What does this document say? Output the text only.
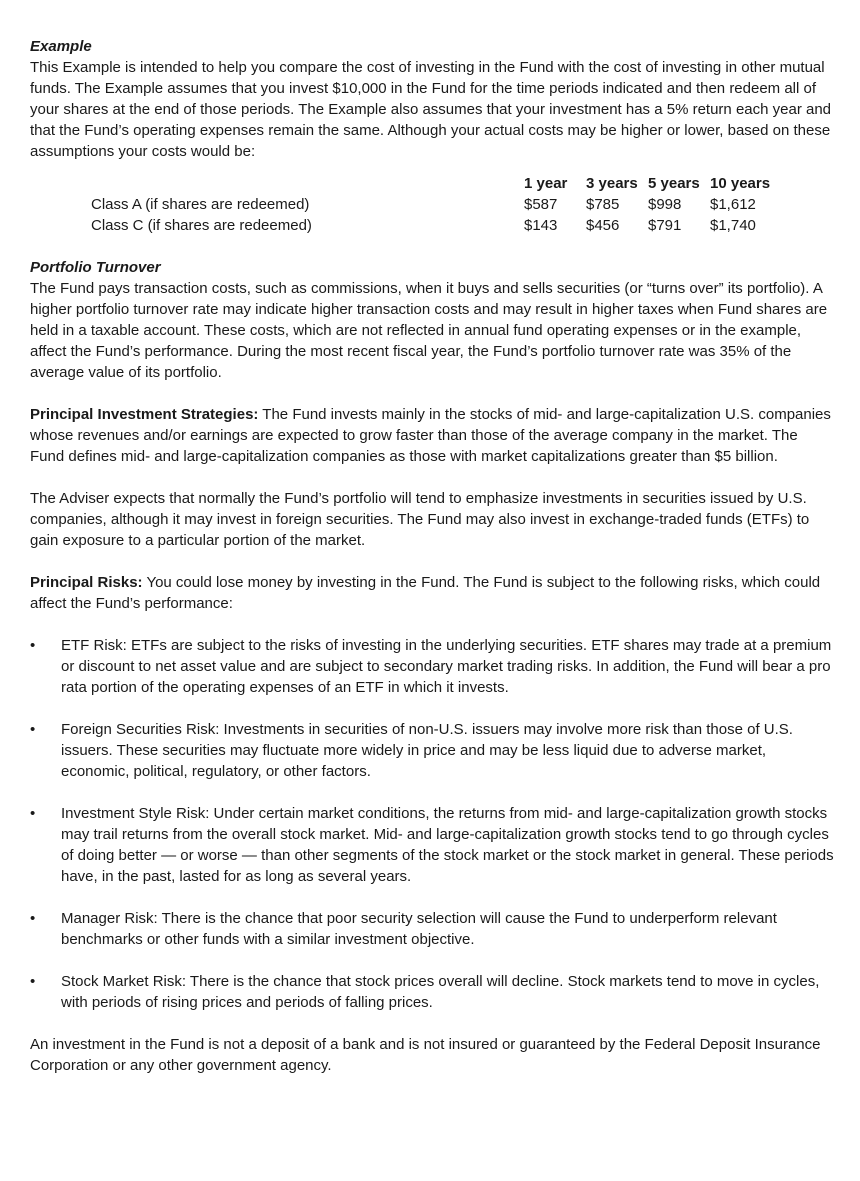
Example

This Example is intended to help you compare the cost of investing in the Fund with the cost of investing in other mutual funds. The Example assumes that you invest $10,000 in the Fund for the time periods indicated and then redeem all of your shares at the end of those periods. The Example also assumes that your investment has a 5% return each year and that the Fund’s operating expenses remain the same. Although your actual costs may be higher or lower, based on these assumptions your costs would be:

1 year 3 years 5 years 10 years
Class A (if shares are redeemed)	$587 $785 $998 $1,612
Class C (if shares are redeemed)	$143 $456 $791 $1,740

Portfolio Turnover

The Fund pays transaction costs, such as commissions, when it buys and sells securities (or “turns over” its portfolio). A higher portfolio turnover rate may indicate higher transaction costs and may result in higher taxes when Fund shares are held in a taxable account. These costs, which are not reflected in annual fund operating expenses or in the example, affect the Fund’s performance. During the most recent fiscal year, the Fund’s portfolio turnover rate was 35% of the average value of its portfolio.

Principal Investment Strategies: The Fund invests mainly in the stocks of mid- and large-capitalization U.S. companies whose revenues and/or earnings are expected to grow faster than those of the average company in the market. The Fund defines mid- and large-capitalization companies as those with market capitalizations greater than $5 billion.

The Adviser expects that normally the Fund’s portfolio will tend to emphasize investments in securities issued by U.S. companies, although it may invest in foreign securities. The Fund may also invest in exchange-traded funds (ETFs) to gain exposure to a particular portion of the market.

Principal Risks: You could lose money by investing in the Fund. The Fund is subject to the following risks, which could affect the Fund’s performance:

• ETF Risk: ETFs are subject to the risks of investing in the underlying securities. ETF shares may trade at a premium or discount to net asset value and are subject to secondary market trading risks. In addition, the Fund will bear a pro rata portion of the operating expenses of an ETF in which it invests.
• Foreign Securities Risk: Investments in securities of non-U.S. issuers may involve more risk than those of U.S. issuers. These securities may fluctuate more widely in price and may be less liquid due to adverse market, economic, political, regulatory, or other factors.
• Investment Style Risk: Under certain market conditions, the returns from mid- and large-capitalization growth stocks may trail returns from the overall stock market. Mid- and large-capitalization growth stocks tend to go through cycles of doing better — or worse — than other segments of the stock market or the stock market in general. These periods have, in the past, lasted for as long as several years.
• Manager Risk: There is the chance that poor security selection will cause the Fund to underperform relevant benchmarks or other funds with a similar investment objective.
• Stock Market Risk: There is the chance that stock prices overall will decline. Stock markets tend to move in cycles, with periods of rising prices and periods of falling prices.

An investment in the Fund is not a deposit of a bank and is not insured or guaranteed by the Federal Deposit Insurance Corporation or any other government agency.
